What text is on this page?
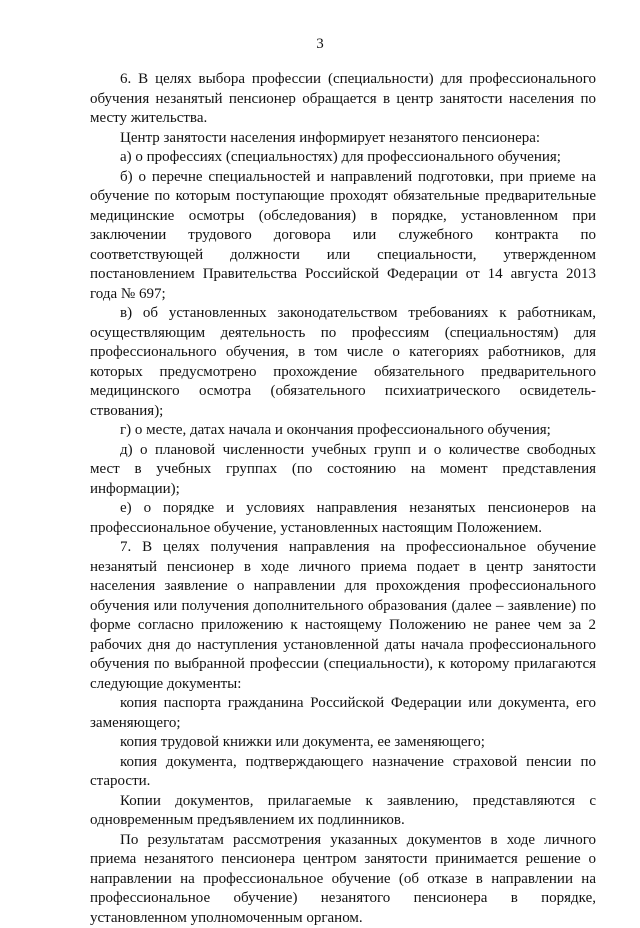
3

6. В целях выбора профессии (специальности) для профессионального обучения незанятый пенсионер обращается в центр занятости населения по месту жительства.

Центр занятости населения информирует незанятого пенсионера:

а) о профессиях (специальностях) для профессионального обучения;

б) о перечне специальностей и направлений подготовки, при приеме на обучение по которым поступающие проходят обязательные предварительные медицинские осмотры (обследования) в порядке, установленном при заключении трудового договора или служебного контракта по соответствующей должности или специальности, утвержденном постановлением Правительства Российской Федерации от 14 августа 2013 года № 697;

в) об установленных законодательством требованиях к работникам, осуществляющим деятельность по профессиям (специальностям) для профессионального обучения, в том числе о категориях работников, для которых предусмотрено прохождение обязательного предварительного медицинского осмотра (обязательного психиатрического освидетель-ствования);

г) о месте, датах начала и окончания профессионального обучения;

д) о плановой численности учебных групп и о количестве свободных мест в учебных группах (по состоянию на момент представления информации);

е) о порядке и условиях направления незанятых пенсионеров на профессиональное обучение, установленных настоящим Положением.

7. В целях получения направления на профессиональное обучение незанятый пенсионер в ходе личного приема подает в центр занятости населения заявление о направлении для прохождения профессионального обучения или получения дополнительного образования (далее – заявление) по форме согласно приложению к настоящему Положению не ранее чем за 2 рабочих дня до наступления установленной даты начала профессионального обучения по выбранной профессии (специальности), к которому прилагаются следующие документы:

копия паспорта гражданина Российской Федерации или документа, его заменяющего;

копия трудовой книжки или документа, ее заменяющего;

копия документа, подтверждающего назначение страховой пенсии по старости.

Копии документов, прилагаемые к заявлению, представляются с одновременным предъявлением их подлинников.

По результатам рассмотрения указанных документов в ходе личного приема незанятого пенсионера центром занятости принимается решение о направлении на профессиональное обучение (об отказе в направлении на профессиональное обучение) незанятого пенсионера в порядке, установленном уполномоченным органом.
